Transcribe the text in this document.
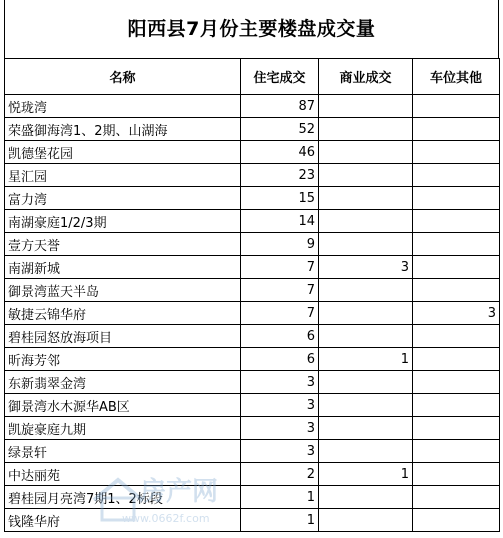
阳西县7月份主要楼盘成交量
名称	住宅成交	商业成交	车位其他
悦珑湾	87		
荣盛御海湾1、2期、山湖海	52		
凯德堡花园	46		
星汇园	23		
富力湾	15		
南湖豪庭1/2/3期	14		
壹方天誉	9		
南湖新城	7	3	
御景湾蓝天半岛	7		
敏捷云锦华府	7		3
碧桂园怒放海项目	6		
昕海芳邻	6	1	
东新翡翠金湾	3		
御景湾水木源华AB区	3		
凯旋豪庭九期	3		
绿景轩	3		
中达丽苑	2	1	
碧桂园月亮湾7期1、2标段	1		
钱隆华府	1		
房产网
www.0662f.com
